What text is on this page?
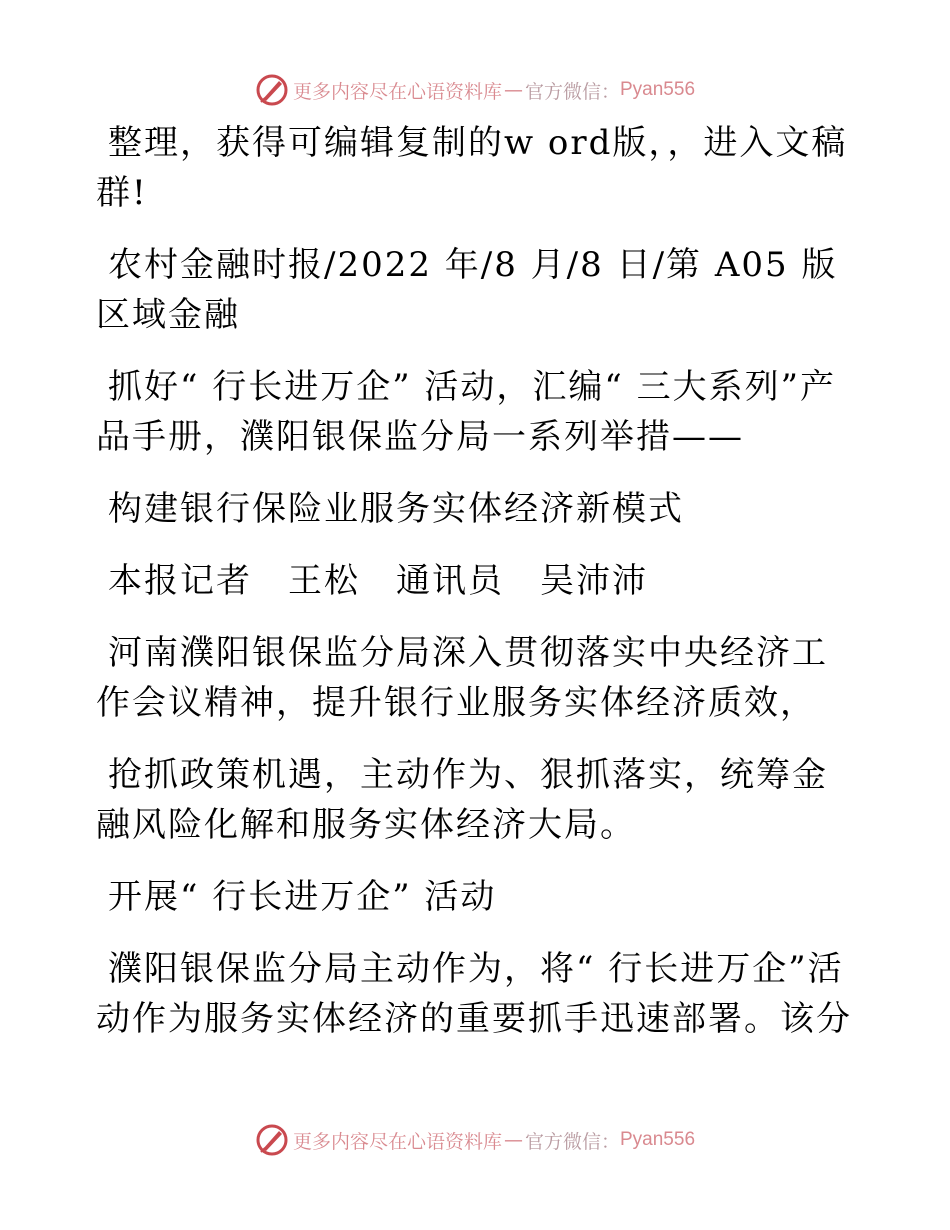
更多内容尽在心语资料库 — 官方微信： Pyan556

整理，获得可编辑复制的w ord版，，进入文稿群!

农村金融时报/2022 年/8 月/8 日/第 A05 版区域金融

抓好“ 行长进万企” 活动，汇编“ 三大系列”产品手册，濮阳银保监分局一系列举措——

构建银行保险业服务实体经济新模式

本报记者　王松　通讯员　吴沛沛

河南濮阳银保监分局深入贯彻落实中央经济工作会议精神，提升银行业服务实体经济质效，

抢抓政策机遇，主动作为、狠抓落实，统筹金融风险化解和服务实体经济大局。

开展“ 行长进万企” 活动

濮阳银保监分局主动作为，将“ 行长进万企”活动作为服务实体经济的重要抓手迅速部署。该分

更多内容尽在心语资料库 — 官方微信： Pyan556
